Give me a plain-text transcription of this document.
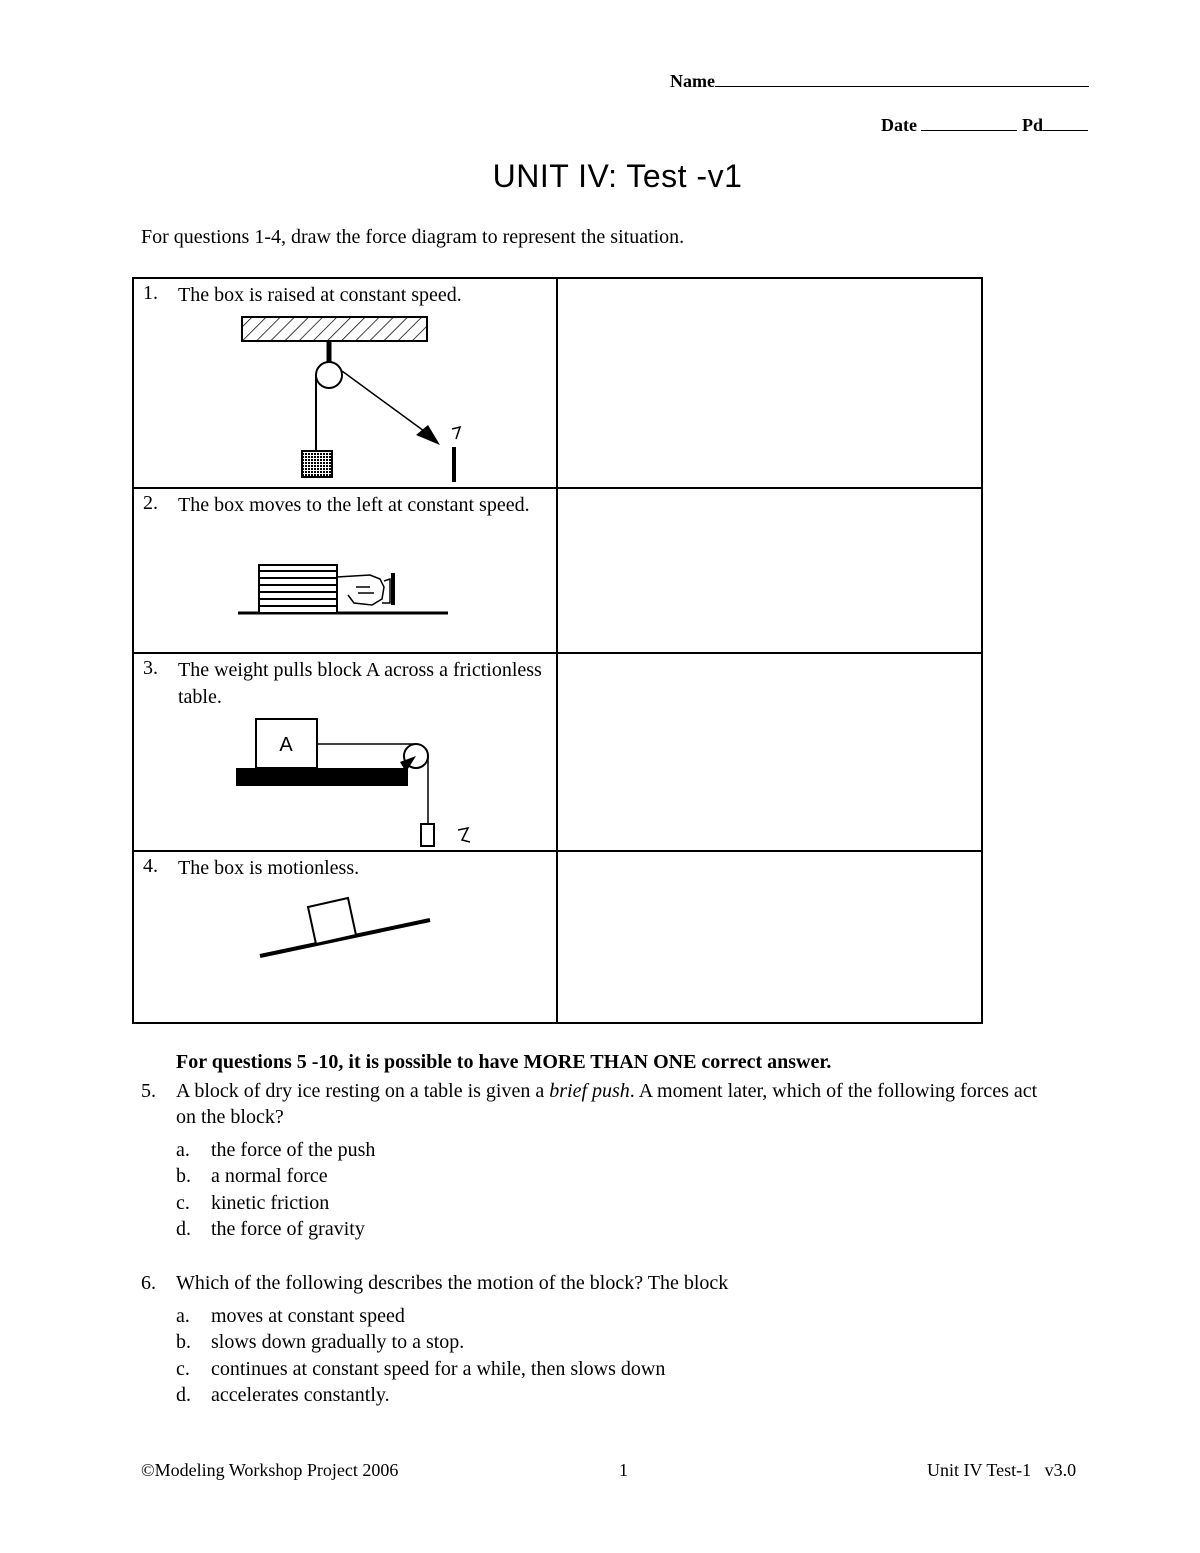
Name
Date	Pd
UNIT IV: Test -v1
For questions 1-4, draw the force diagram to represent the situation.
1. The box is raised at constant speed.	

2. The box moves to the left at constant speed.	

3. The weight pulls block A across a frictionless table.
A	

4. The box is motionless.	

For questions 5 -10, it is possible to have MORE THAN ONE correct answer.
5. A block of dry ice resting on a table is given a brief push. A moment later, which of the following forces act on the block?
a. the force of the push
b. a normal force
c. kinetic friction
d. the force of gravity
6. Which of the following describes the motion of the block? The block
a. moves at constant speed
b. slows down gradually to a stop.
c. continues at constant speed for a while, then slows down
d. accelerates constantly.
©Modeling Workshop Project 2006	1	Unit IV Test-1   v3.0
